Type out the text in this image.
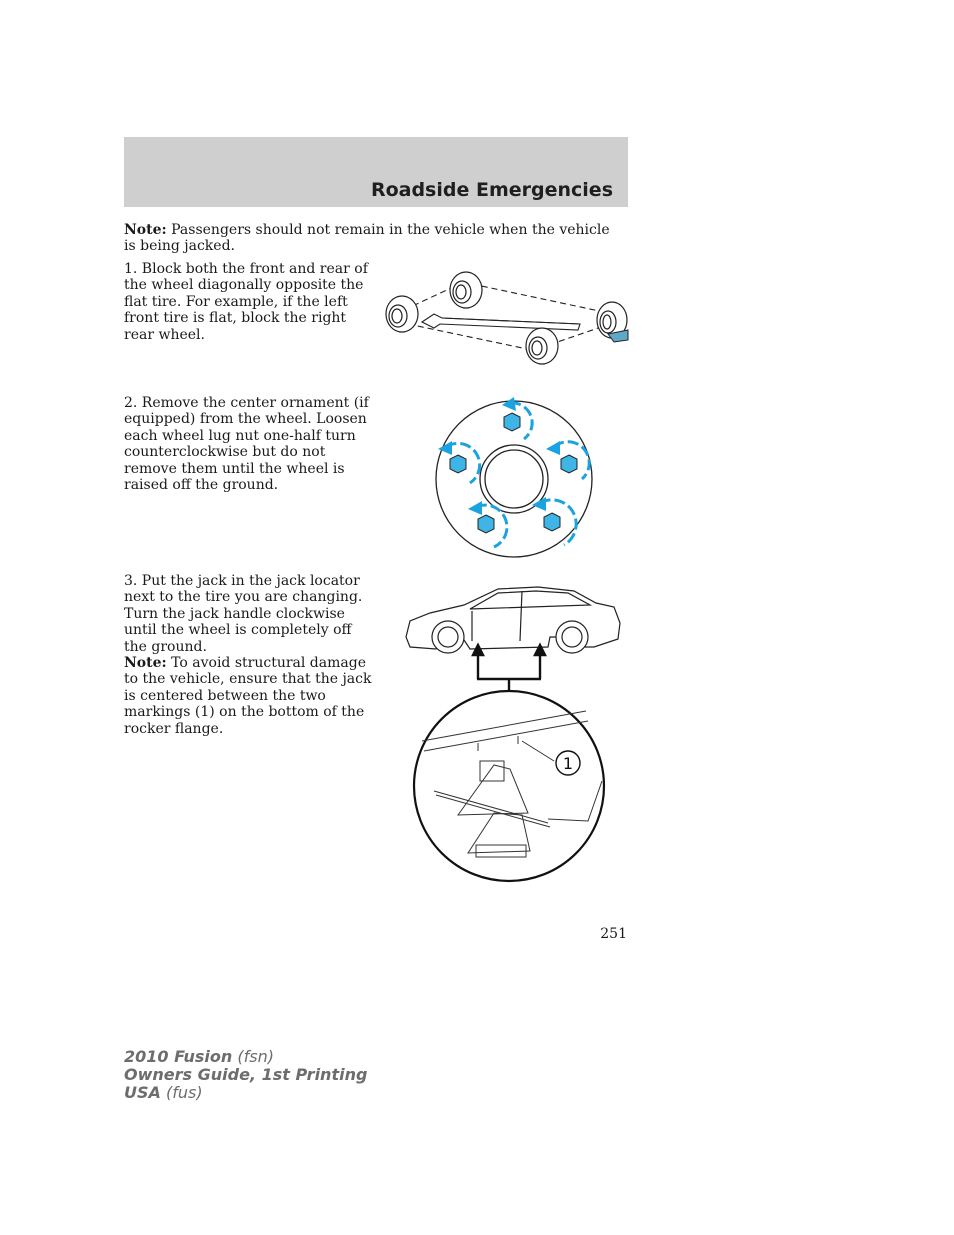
Roadside Emergencies

Note: Passengers should not remain in the vehicle when the vehicle is being jacked.

1. Block both the front and rear of the wheel diagonally opposite the flat tire. For example, if the left front tire is flat, block the right rear wheel.

2. Remove the center ornament (if equipped) from the wheel. Loosen each wheel lug nut one-half turn counterclockwise but do not remove them until the wheel is raised off the ground.

3. Put the jack in the jack locator next to the tire you are changing. Turn the jack handle clockwise until the wheel is completely off the ground.
Note: To avoid structural damage to the vehicle, ensure that the jack is centered between the two markings (1) on the bottom of the rocker flange.

1
251
2010 Fusion (fsn)
Owners Guide, 1st Printing
USA (fus)
